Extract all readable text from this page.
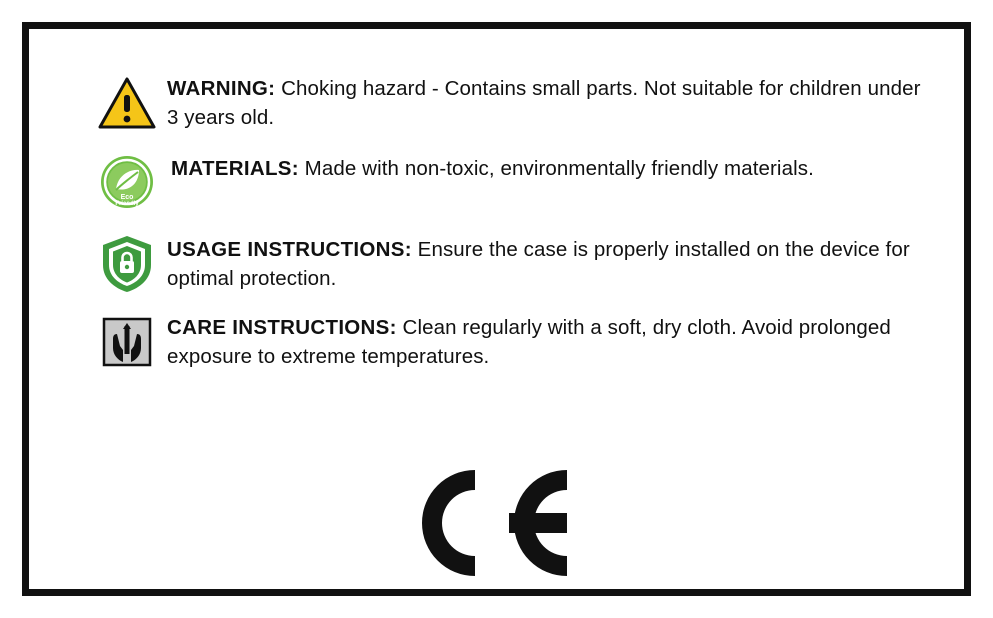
WARNING: Choking hazard - Contains small parts. Not suitable for children under 3 years old.
Eco
Friendly
MATERIALS: Made with non-toxic, environmentally friendly materials.
USAGE INSTRUCTIONS: Ensure the case is properly installed on the device for optimal protection.
CARE INSTRUCTIONS: Clean regularly with a soft, dry cloth. Avoid prolonged exposure to extreme temperatures.
